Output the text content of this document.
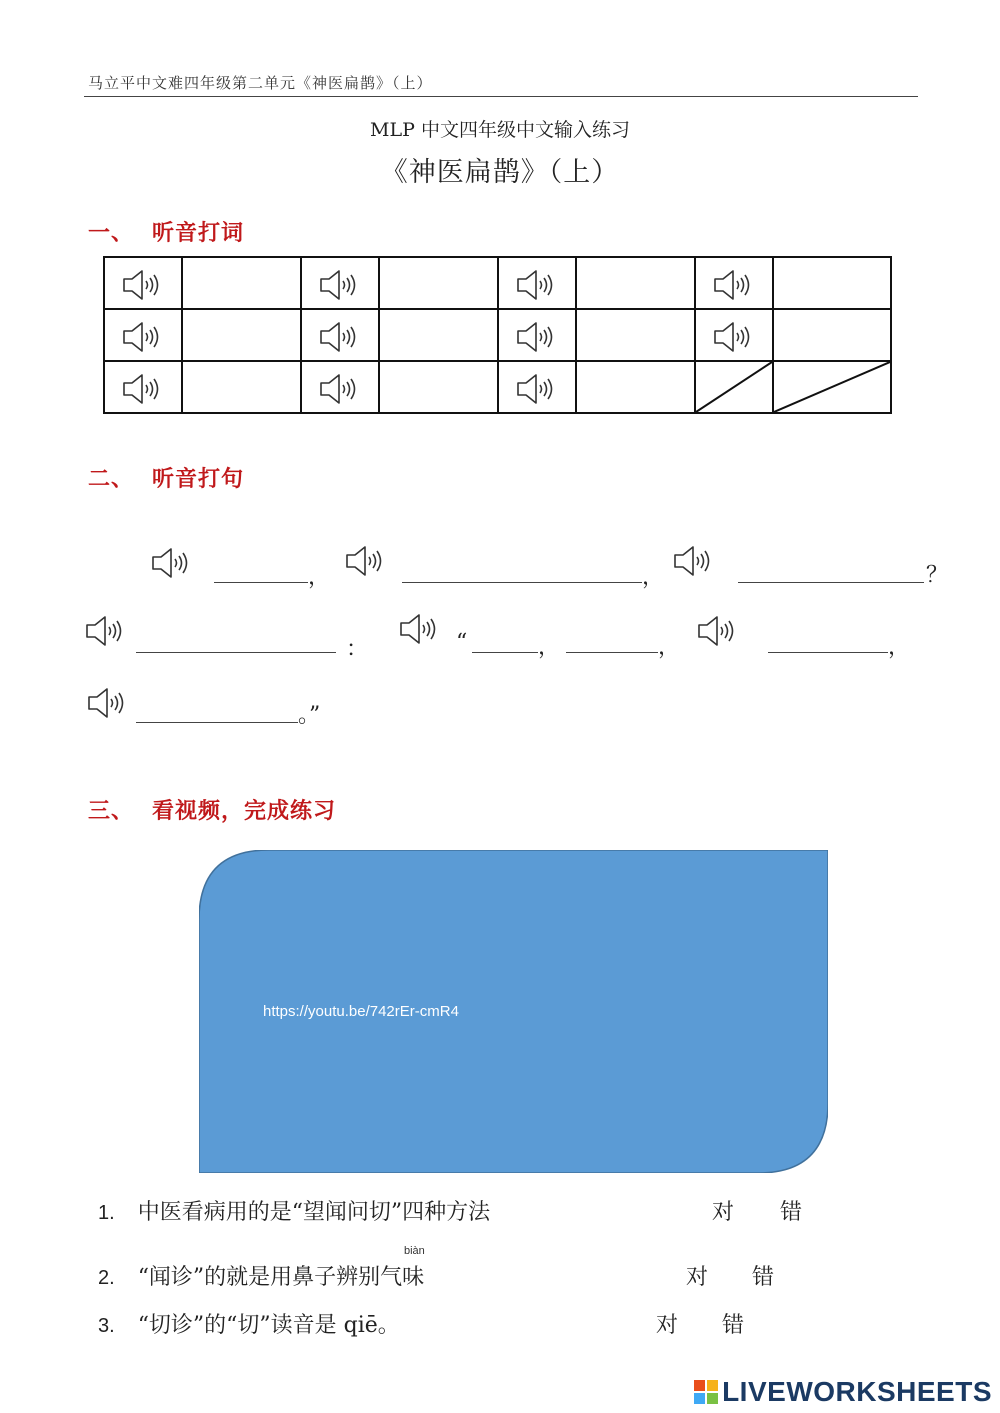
马立平中文难四年级第二单元《神医扁鹊》（上）
MLP 中文四年级中文输入练习
《神医扁鹊》（上）
一、 听音打词

二、 听音打句
，	，	？
：	“	，	，	，
。”
三、 看视频，完成练习
https://youtu.be/742rEr-cmR4
1. 中医看病用的是“望闻问切”四种方法	对 错
biàn
2. “闻诊”的就是用鼻子辨别气味	对 错
3. “切诊”的“切”读音是 qiē。	对 错
LIVEWORKSHEETS
